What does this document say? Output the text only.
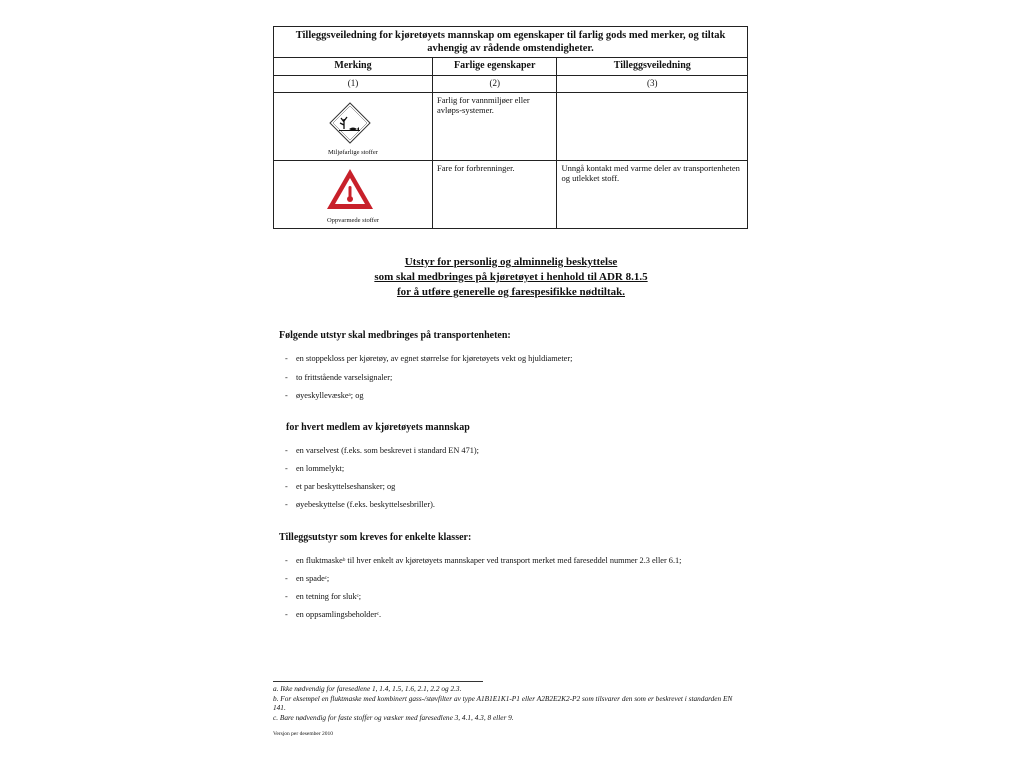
Tilleggsveiledning for kjøretøyets mannskap om egenskaper til farlig gods med merker, og tiltak avhengig av rådende omstendigheter.		
Merking	Farlige egenskaper	Tilleggsveiledning
(1)	(2)	(3)

Miljøfarlige stoffer	Farlig for vannmiljøer eller avløps-systemer.	

Oppvarmede stoffer	Fare for forbrenninger.	Unngå kontakt med varme deler av transportenheten og utlekket stoff.
Utstyr for personlig og alminnelig beskyttelse
som skal medbringes på kjøretøyet i henhold til ADR 8.1.5
for å utføre generelle og farespesifikke nødtiltak.
Følgende utstyr skal medbringes på transportenheten:
- en stoppekloss per kjøretøy, av egnet størrelse for kjøretøyets vekt og hjuldiameter;
- to frittstående varselsignaler;
- øyeskyllevæskeᵃ; og
for hvert medlem av kjøretøyets mannskap
- en varselvest (f.eks. som beskrevet i standard EN 471);
- en lommelykt;
- et par beskyttelseshansker; og
- øyebeskyttelse (f.eks. beskyttelsesbriller).
Tilleggsutstyr som kreves for enkelte klasser:
- en fluktmaskeᵇ til hver enkelt av kjøretøyets mannskaper ved transport merket med fareseddel nummer 2.3 eller 6.1;
- en spadeᶜ;
- en tetning for slukᶜ;
- en oppsamlingsbeholderᶜ.
a. Ikke nødvendig for faresedlene 1, 1.4, 1.5, 1.6, 2.1, 2.2 og 2.3.
b. For eksempel en fluktmaske med kombinert gass-/støvfilter av type A1B1E1K1-P1 eller A2B2E2K2-P2 som tilsvarer den som er beskrevet i standarden EN 141.
c. Bare nødvendig for faste stoffer og væsker med faresedlene 3, 4.1, 4.3, 8 eller 9.
Versjon per desember 2010
